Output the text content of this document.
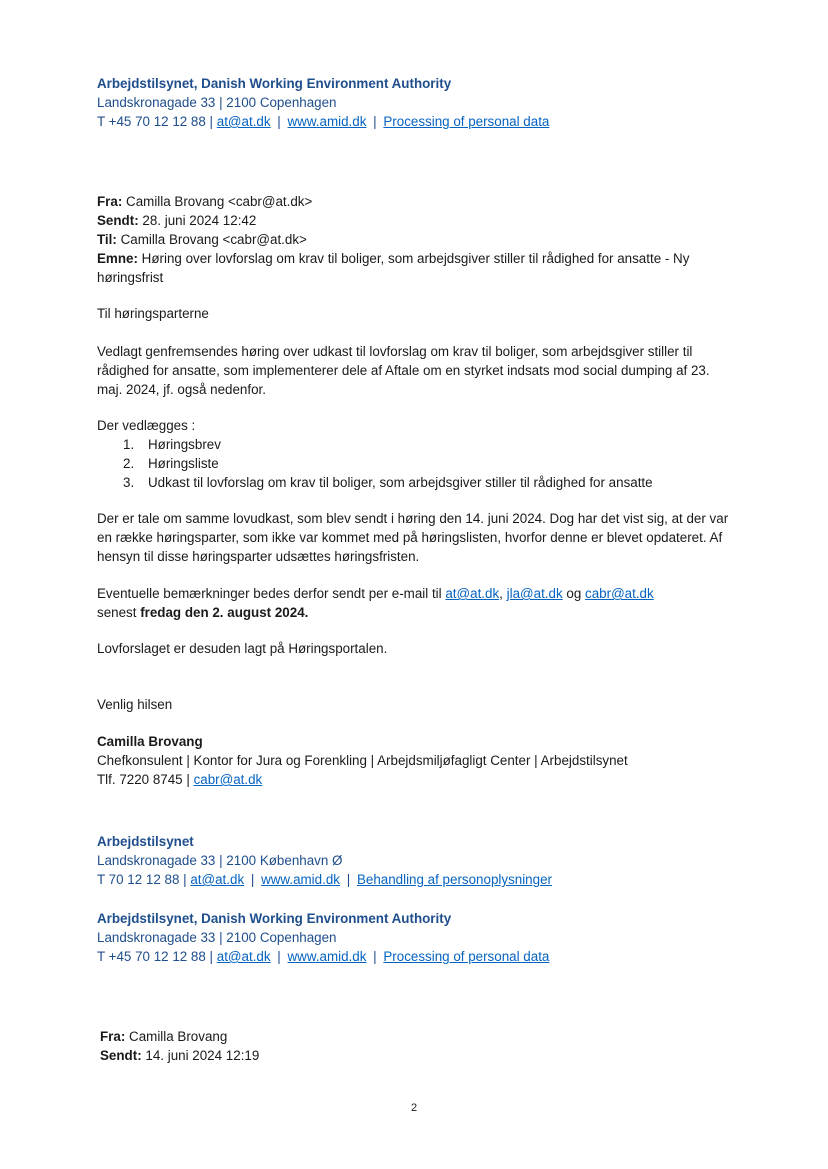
Arbejdstilsynet, Danish Working Environment Authority
Landskronagade 33 | 2100 Copenhagen
T +45 70 12 12 88 | at@at.dk | www.amid.dk | Processing of personal data
Fra: Camilla Brovang <cabr@at.dk>
Sendt: 28. juni 2024 12:42
Til: Camilla Brovang <cabr@at.dk>
Emne: Høring over lovforslag om krav til boliger, som arbejdsgiver stiller til rådighed for ansatte - Ny høringsfrist
Til høringsparterne
Vedlagt genfremsendes høring over udkast til lovforslag om krav til boliger, som arbejdsgiver stiller til rådighed for ansatte, som implementerer dele af Aftale om en styrket indsats mod social dumping af 23. maj. 2024, jf. også nedenfor.
Der vedlægges :
1. Høringsbrev
2. Høringsliste
3. Udkast til lovforslag om krav til boliger, som arbejdsgiver stiller til rådighed for ansatte
Der er tale om samme lovudkast, som blev sendt i høring den 14. juni 2024. Dog har det vist sig, at der var en række høringsparter, som ikke var kommet med på høringslisten, hvorfor denne er blevet opdateret. Af hensyn til disse høringsparter udsættes høringsfristen.
Eventuelle bemærkninger bedes derfor sendt per e-mail til at@at.dk, jla@at.dk og cabr@at.dk
senest fredag den 2. august 2024.
Lovforslaget er desuden lagt på Høringsportalen.
Venlig hilsen
Camilla Brovang
Chefkonsulent | Kontor for Jura og Forenkling | Arbejdsmiljøfagligt Center | Arbejdstilsynet
Tlf. 7220 8745 | cabr@at.dk
Arbejdstilsynet
Landskronagade 33 | 2100 København Ø
T 70 12 12 88 | at@at.dk | www.amid.dk | Behandling af personoplysninger
Arbejdstilsynet, Danish Working Environment Authority
Landskronagade 33 | 2100 Copenhagen
T +45 70 12 12 88 | at@at.dk | www.amid.dk | Processing of personal data
Fra: Camilla Brovang
Sendt: 14. juni 2024 12:19
2
